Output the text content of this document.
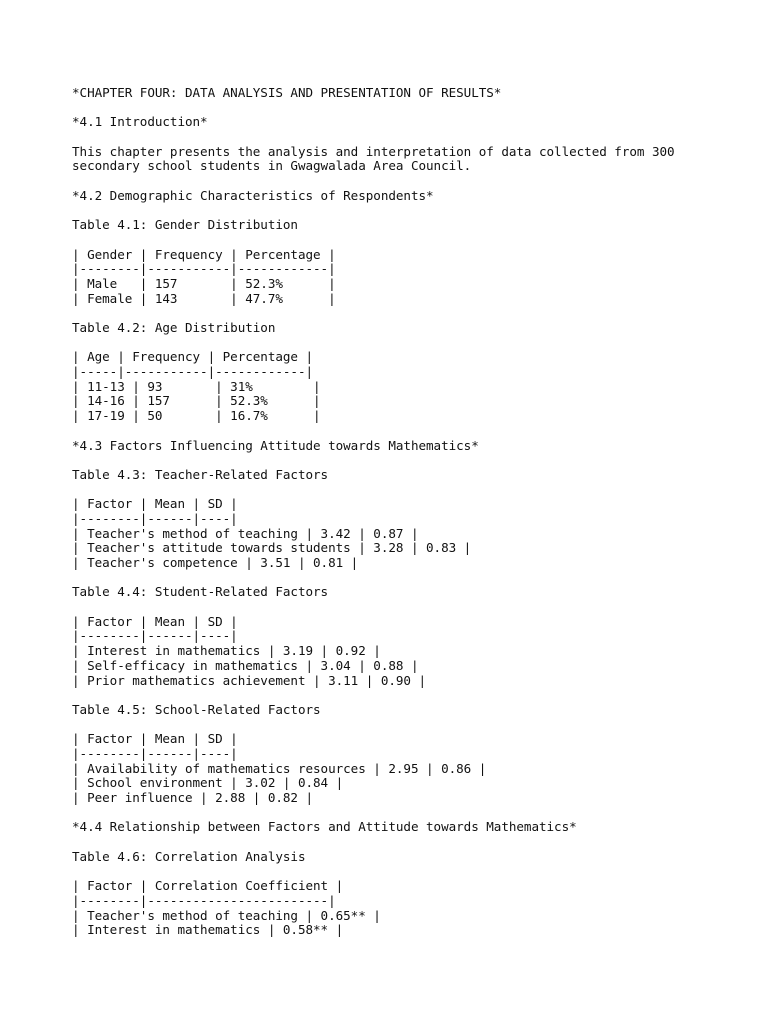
*CHAPTER FOUR: DATA ANALYSIS AND PRESENTATION OF RESULTS*
*4.1 Introduction*
This chapter presents the analysis and interpretation of data collected from 300
secondary school students in Gwagwalada Area Council.
*4.2 Demographic Characteristics of Respondents*
Table 4.1: Gender Distribution
| Gender | Frequency | Percentage |
|--------|-----------|------------|
| Male   | 157       | 52.3%      |
| Female | 143       | 47.7%      |
Table 4.2: Age Distribution
| Age | Frequency | Percentage |
|-----|-----------|------------|
| 11-13 | 93       | 31%        |
| 14-16 | 157      | 52.3%      |
| 17-19 | 50       | 16.7%      |
*4.3 Factors Influencing Attitude towards Mathematics*
Table 4.3: Teacher-Related Factors
| Factor | Mean | SD |
|--------|------|----|
| Teacher's method of teaching | 3.42 | 0.87 |
| Teacher's attitude towards students | 3.28 | 0.83 |
| Teacher's competence | 3.51 | 0.81 |
Table 4.4: Student-Related Factors
| Factor | Mean | SD |
|--------|------|----|
| Interest in mathematics | 3.19 | 0.92 |
| Self-efficacy in mathematics | 3.04 | 0.88 |
| Prior mathematics achievement | 3.11 | 0.90 |
Table 4.5: School-Related Factors
| Factor | Mean | SD |
|--------|------|----|
| Availability of mathematics resources | 2.95 | 0.86 |
| School environment | 3.02 | 0.84 |
| Peer influence | 2.88 | 0.82 |
*4.4 Relationship between Factors and Attitude towards Mathematics*
Table 4.6: Correlation Analysis
| Factor | Correlation Coefficient |
|--------|------------------------|
| Teacher's method of teaching | 0.65** |
| Interest in mathematics | 0.58** |
